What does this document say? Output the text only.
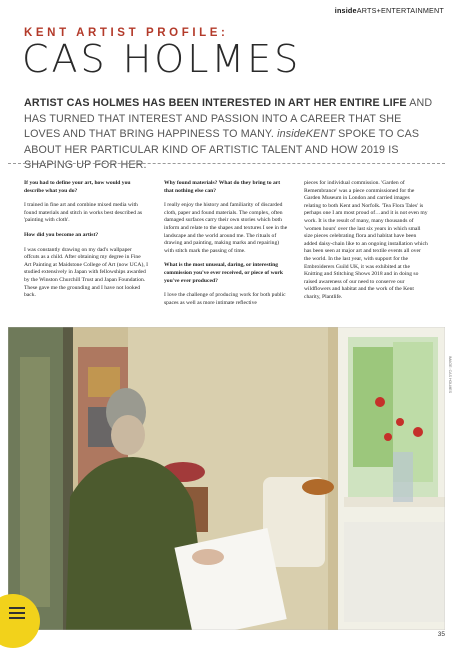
insideARTS+ENTERTAINMENT
KENT ARTIST PROFILE:
CAS HOLMES
ARTIST CAS HOLMES HAS BEEN INTERESTED IN ART HER ENTIRE LIFE AND HAS TURNED THAT INTEREST AND PASSION INTO A CAREER THAT SHE LOVES AND THAT BRING HAPPINESS TO MANY. insideKENT SPOKE TO CAS ABOUT HER PARTICULAR KIND OF ARTISTIC TALENT AND HOW 2019 IS SHAPING UP FOR HER.

If you had to define your art, how would you describe what you do?

I trained in fine art and combine mixed media with found materials and stitch in works best described as 'painting with cloth'.

How did you become an artist?

I was constantly drawing on my dad's wallpaper offcuts as a child. After obtaining my degree in Fine Art Painting at Maidstone College of Art (now UCA), I studied extensively in Japan with fellowships awarded by the Winston Churchill Trust and Japan Foundation. These gave me the grounding and I have not looked back.

Why found materials? What do they bring to art that nothing else can?

I really enjoy the history and familiarity of discarded cloth, paper and found materials. The complex, often damaged surfaces carry their own stories which both inform and relate to the shapes and textures I see in the landscape and the world around me. The rituals of drawing and painting, making marks and repairing) with stitch mark the passing of time.

What is the most unusual, daring, or interesting commission you've ever received, or piece of work you've ever produced?

I love the challenge of producing work for both public spaces as well as more intimate reflective

pieces for individual commission. 'Garden of Remembrance' was a piece commissioned for the Garden Museum in London and carried images relating to both Kent and Norfolk. 'Tea Flora Tales' is perhaps one I am most proud of…and it is not even my work. It is the result of many, many thousands of 'women hours' over the last six years in which small size pieces celebrating flora and habitat have been added daisy-chain like to an ongoing installation which has been seen at major art and textile events all over the world. In the last year, with support for the Embroiderers Guild UK, it was exhibited at the Knitting and Stitching Shows 2018 and in doing so raised awareness of our need to conserve our wildflowers and habitat and the work of the Kent charity, Plantlife.

IMAGE: CAS HOLMES
35
